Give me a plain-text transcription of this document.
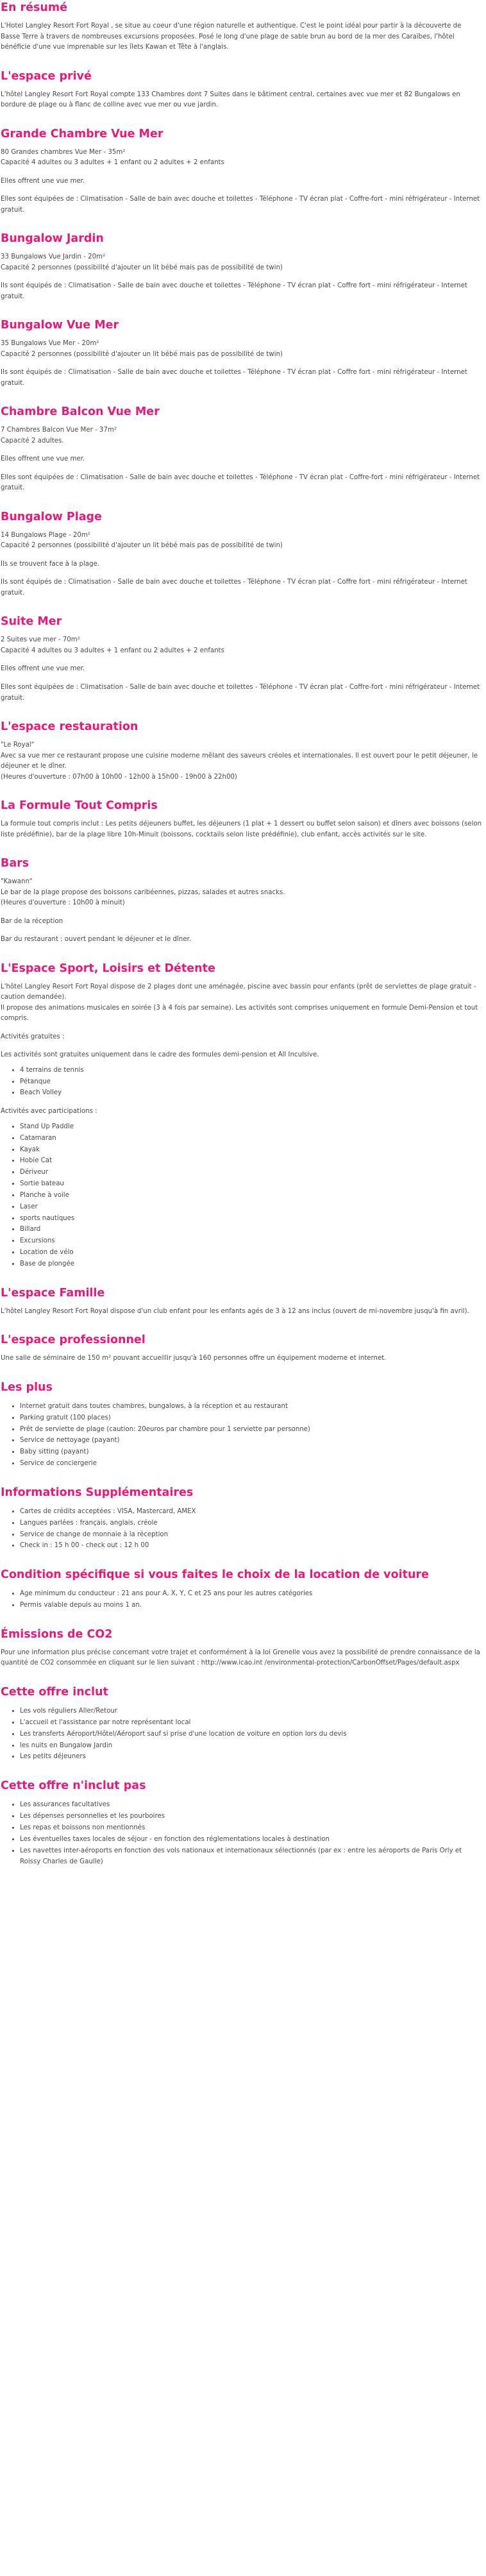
En résumé

L'Hotel Langley Resort Fort Royal , se situe au coeur d'une région naturelle et authentique. C'est le point idéal pour partir à la découverte de Basse Terre à travers de nombreuses excursions proposées. Posé le long d'une plage de sable brun au bord de la mer des Caraïbes, l'hôtel bénéficie d'une vue imprenable sur les îlets Kawan et Tête à l'anglais.

L'espace privé

L'hôtel Langley Resort Fort Royal compte 133 Chambres dont 7 Suites dans le bâtiment central, certaines avec vue mer et 82 Bungalows en bordure de plage ou à flanc de colline avec vue mer ou vue jardin.

Grande Chambre Vue Mer

80 Grandes chambres Vue Mer - 35m²
Capacité 4 adultes ou 3 adultes + 1 enfant ou 2 adultes + 2 enfants

Elles offrent une vue mer.

Elles sont équipées de : Climatisation - Salle de bain avec douche et toilettes - Téléphone - TV écran plat - Coffre-fort - mini réfrigérateur - Internet gratuit.

Bungalow Jardin

33 Bungalows Vue Jardin - 20m²
Capacité 2 personnes (possibilité d'ajouter un lit bébé mais pas de possibilité de twin)

Ils sont équipés de : Climatisation - Salle de bain avec douche et toilettes - Téléphone - TV écran plat - Coffre fort - mini réfrigérateur - Internet gratuit.

Bungalow Vue Mer

35 Bungalows Vue Mer - 20m²
Capacité 2 personnes (possibilité d'ajouter un lit bébé mais pas de possibilité de twin)

Ils sont équipés de : Climatisation - Salle de bain avec douche et toilettes - Téléphone - TV écran plat - Coffre fort - mini réfrigérateur - Internet gratuit.

Chambre Balcon Vue Mer

7 Chambres Balcon Vue Mer - 37m²
Capacité 2 adultes.

Elles offrent une vue mer.

Elles sont équipées de : Climatisation - Salle de bain avec douche et toilettes - Téléphone - TV écran plat - Coffre-fort - mini réfrigérateur - Internet gratuit.

Bungalow Plage

14 Bungalows Plage - 20m²
Capacité 2 personnes (possibilité d'ajouter un lit bébé mais pas de possibilité de twin)

Ils se trouvent face à la plage.

Ils sont équipés de : Climatisation - Salle de bain avec douche et toilettes - Téléphone - TV écran plat - Coffre fort - mini réfrigérateur - Internet gratuit.

Suite Mer

2 Suites vue mer - 70m²
Capacité 4 adultes ou 3 adultes + 1 enfant ou 2 adultes + 2 enfants

Elles offrent une vue mer.

Elles sont équipées de : Climatisation - Salle de bain avec douche et toilettes - Téléphone - TV écran plat - Coffre-fort - mini réfrigérateur - Internet gratuit.

L'espace restauration

"Le Royal"
Avec sa vue mer ce restaurant propose une cuisine moderne mêlant des saveurs créoles et internationales. Il est ouvert pour le petit déjeuner, le déjeuner et le dîner.
(Heures d'ouverture : 07h00 à 10h00 - 12h00 à 15h00 - 19h00 à 22h00)

La Formule Tout Compris

La formule tout compris inclut : Les petits déjeuners buffet, les déjeuners (1 plat + 1 dessert ou buffet selon saison) et dîners avec boissons (selon liste prédéfinie), bar de la plage libre 10h-Minuit (boissons, cocktails selon liste prédéfinie), club enfant, accès activités sur le site.

Bars

"Kawann"
Le bar de la plage propose des boissons caribéennes, pizzas, salades et autres snacks.
(Heures d'ouverture : 10h00 à minuit)

Bar de la réception

Bar du restaurant : ouvert pendant le déjeuner et le dîner.

L'Espace Sport, Loisirs et Détente

L'hôtel Langley Resort Fort Royal dispose de 2 plages dont une aménagée, piscine avec bassin pour enfants (prêt de serviettes de plage gratuit - caution demandée).
Il propose des animations musicales en soirée (3 à 4 fois par semaine). Les activités sont comprises uniquement en formule Demi-Pension et tout compris.

Activités gratuites :

Les activités sont gratuites uniquement dans le cadre des formules demi-pension et All Inculsive.

• 4 terrains de tennis
• Pétanque
• Beach Volley

Activités avec participations :

• Stand Up Paddle
• Catamaran
• Kayak
• Hobie Cat
• Dériveur
• Sortie bateau
• Planche à voile
• Laser
• sports nautiques
• Billard
• Excursions
• Location de vélo
• Base de plongée
L'espace Famille

L'hôtel Langley Resort Fort Royal dispose d'un club enfant pour les enfants agés de 3 à 12 ans inclus (ouvert de mi-novembre jusqu'à fin avril).

L'espace professionnel

Une salle de séminaire de 150 m² pouvant accueillir jusqu'à 160 personnes offre un équipement moderne et internet.

Les plus
• Internet gratuit dans toutes chambres, bungalows, à la réception et au restaurant
• Parking gratuit (100 places)
• Prêt de serviette de plage (caution: 20euros par chambre pour 1 serviette par personne)
• Service de nettoyage (payant)
• Baby sitting (payant)
• Service de conciergerie
Informations Supplémentaires
• Cartes de crédits acceptées : VISA, Mastercard, AMEX
• Langues parlées : français, anglais, créole
• Service de change de monnaie à la réception
• Check in : 15 h 00 - check out : 12 h 00
Condition spécifique si vous faites le choix de la location de voiture
• Age minimum du conducteur : 21 ans pour A, X, Y, C et 25 ans pour les autres catégories
• Permis valable depuis au moins 1 an.
Émissions de CO2

Pour une information plus précise concernant votre trajet et conformément à la loi Grenelle vous avez la possibilité de prendre connaissance de la quantité de CO2 consommée en cliquant sur le lien suivant : http://www.icao.int /environmental-protection/CarbonOffset/Pages/default.aspx

Cette offre inclut
• Les vols réguliers Aller/Retour
• L'accueil et l'assistance par notre représentant local
• Les transferts Aéroport/Hôtel/Aéroport sauf si prise d'une location de voiture en option lors du devis
• les nuits en Bungalow Jardin
• Les petits déjeuners
Cette offre n'inclut pas
• Les assurances facultatives
• Les dépenses personnelles et les pourboires
• Les repas et boissons non mentionnés
• Les éventuelles taxes locales de séjour - en fonction des réglementations locales à destination
• Les navettes inter-aéroports en fonction des vols nationaux et internationaux sélectionnés (par ex : entre les aéroports de Paris Orly et Roissy Charles de Gaulle)
